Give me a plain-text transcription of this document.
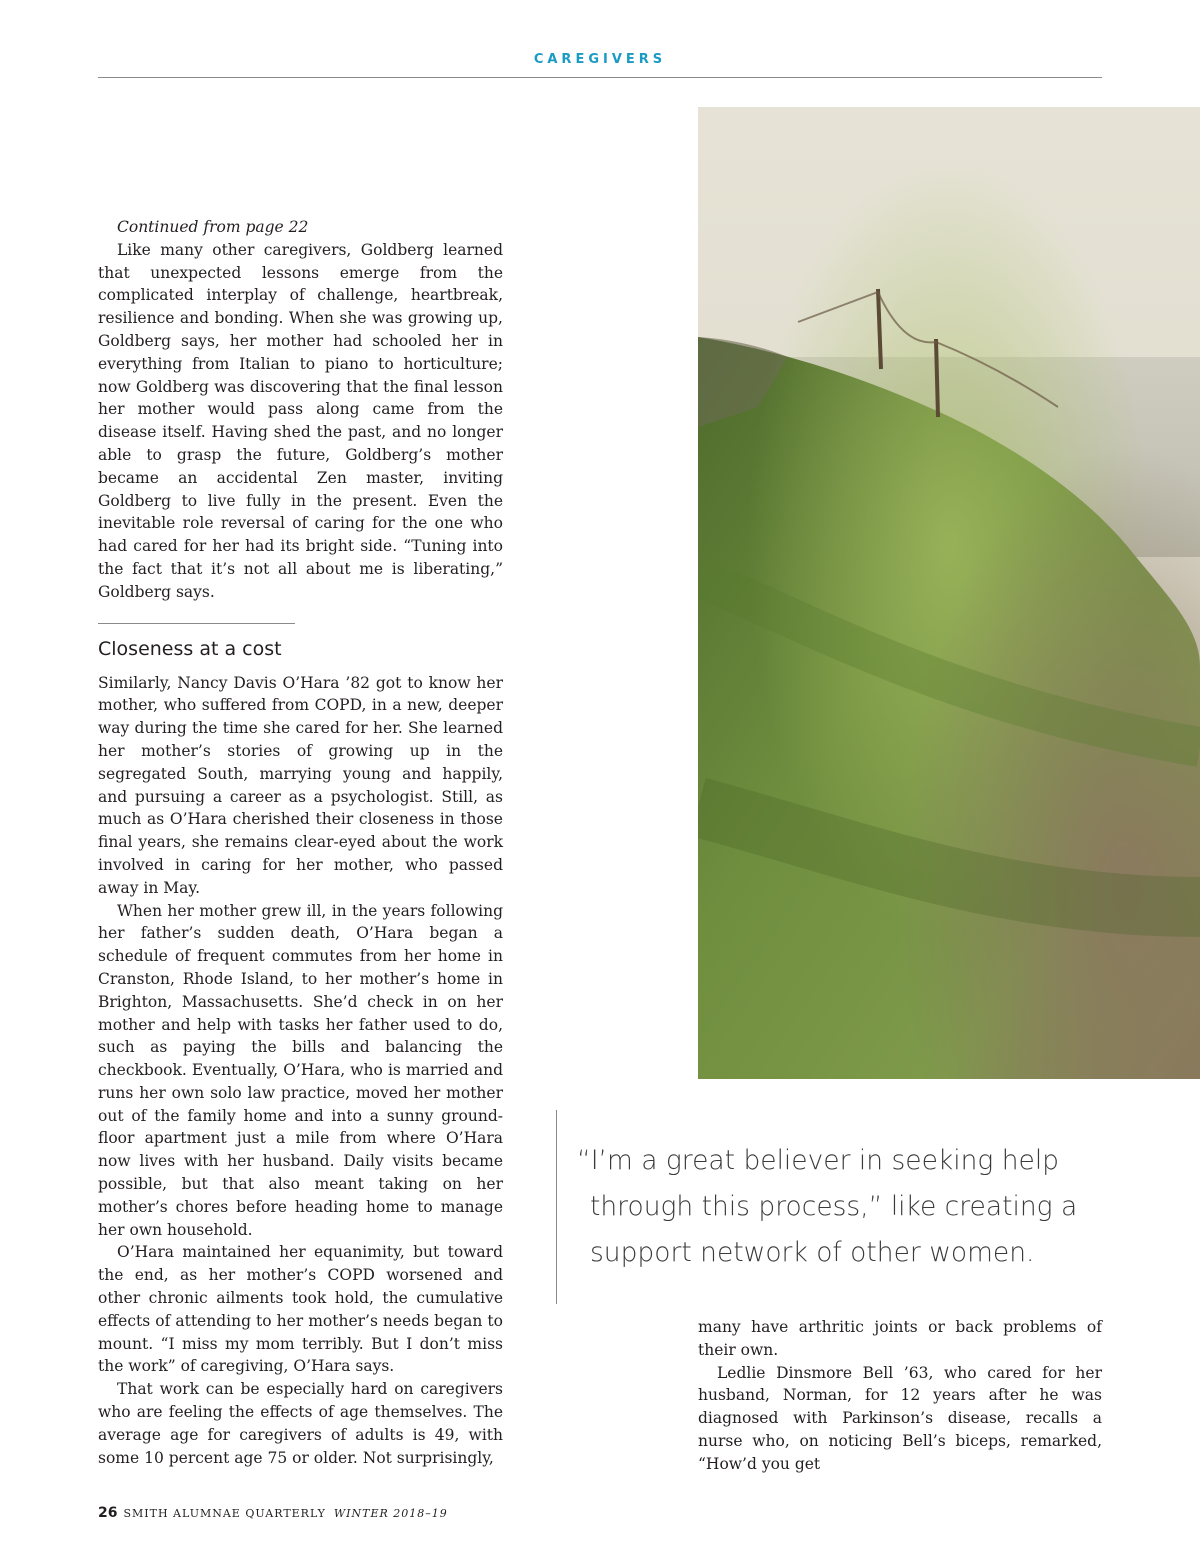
CAREGIVERS

Continued from page 22

Like many other caregivers, Goldberg learned that unexpected lessons emerge from the complicated interplay of challenge, heartbreak, resilience and bonding. When she was growing up, Goldberg says, her mother had schooled her in everything from Italian to piano to horticulture; now Goldberg was discovering that the final lesson her mother would pass along came from the disease itself. Having shed the past, and no longer able to grasp the future, Goldberg’s mother became an accidental Zen master, inviting Goldberg to live fully in the present. Even the inevitable role reversal of caring for the one who had cared for her had its bright side. “Tuning into the fact that it’s not all about me is liberating,” Goldberg says.

Closeness at a cost

Similarly, Nancy Davis O’Hara ’82 got to know her mother, who suffered from COPD, in a new, deeper way during the time she cared for her. She learned her mother’s stories of growing up in the segregated South, marrying young and happily, and pursuing a career as a psychologist. Still, as much as O’Hara cherished their closeness in those final years, she remains clear-eyed about the work involved in caring for her mother, who passed away in May.

When her mother grew ill, in the years following her father’s sudden death, O’Hara began a schedule of frequent commutes from her home in Cranston, Rhode Island, to her mother’s home in Brighton, Massachusetts. She’d check in on her mother and help with tasks her father used to do, such as paying the bills and balancing the checkbook. Eventually, O’Hara, who is married and runs her own solo law practice, moved her mother out of the family home and into a sunny ground-floor apartment just a mile from where O’Hara now lives with her husband. Daily visits became possible, but that also meant taking on her mother’s chores before heading home to manage her own household.

O’Hara maintained her equanimity, but toward the end, as her mother’s COPD worsened and other chronic ailments took hold, the cumulative effects of attending to her mother’s needs began to mount. “I miss my mom terribly. But I don’t miss the work” of caregiving, O’Hara says.

That work can be especially hard on caregivers who are feeling the effects of age themselves. The average age for caregivers of adults is 49, with some 10 percent age 75 or older. Not surprisingly,

“I’m a great believer in seeking help
through this process,” like creating a
support network of other women.

many have arthritic joints or back problems of their own.

Ledlie Dinsmore Bell ’63, who cared for her husband, Norman, for 12 years after he was diagnosed with Parkinson’s disease, recalls a nurse who, on noticing Bell’s biceps, remarked, “How’d you get

26 SMITH ALUMNAE QUARTERLY WINTER 2018–19
